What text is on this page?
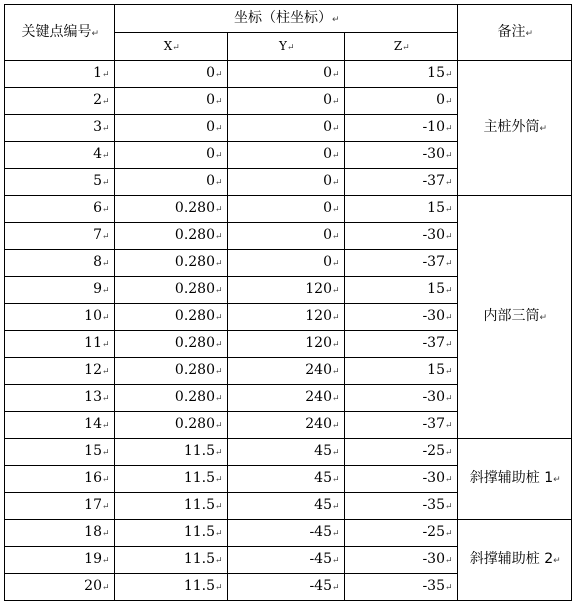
关键点编号↵	坐标（柱坐标）↵			备注↵
	X↵	Y↵	Z↵	
1↵	0↵	0↵	15↵	主桩外筒↵
2↵	0↵	0↵	0↵	
3↵	0↵	0↵	-10↵	
4↵	0↵	0↵	-30↵	
5↵	0↵	0↵	-37↵	
6↵	0.280↵	0↵	15↵	内部三筒↵
7↵	0.280↵	0↵	-30↵	
8↵	0.280↵	0↵	-37↵	
9↵	0.280↵	120↵	15↵	
10↵	0.280↵	120↵	-30↵	
11↵	0.280↵	120↵	-37↵	
12↵	0.280↵	240↵	15↵	
13↵	0.280↵	240↵	-30↵	
14↵	0.280↵	240↵	-37↵	
15↵	11.5↵	45↵	-25↵	斜撑辅助桩 1↵
16↵	11.5↵	45↵	-30↵	
17↵	11.5↵	45↵	-35↵	
18↵	11.5↵	-45↵	-25↵	斜撑辅助桩 2↵
19↵	11.5↵	-45↵	-30↵	
20↵	11.5↵	-45↵	-35↵	
